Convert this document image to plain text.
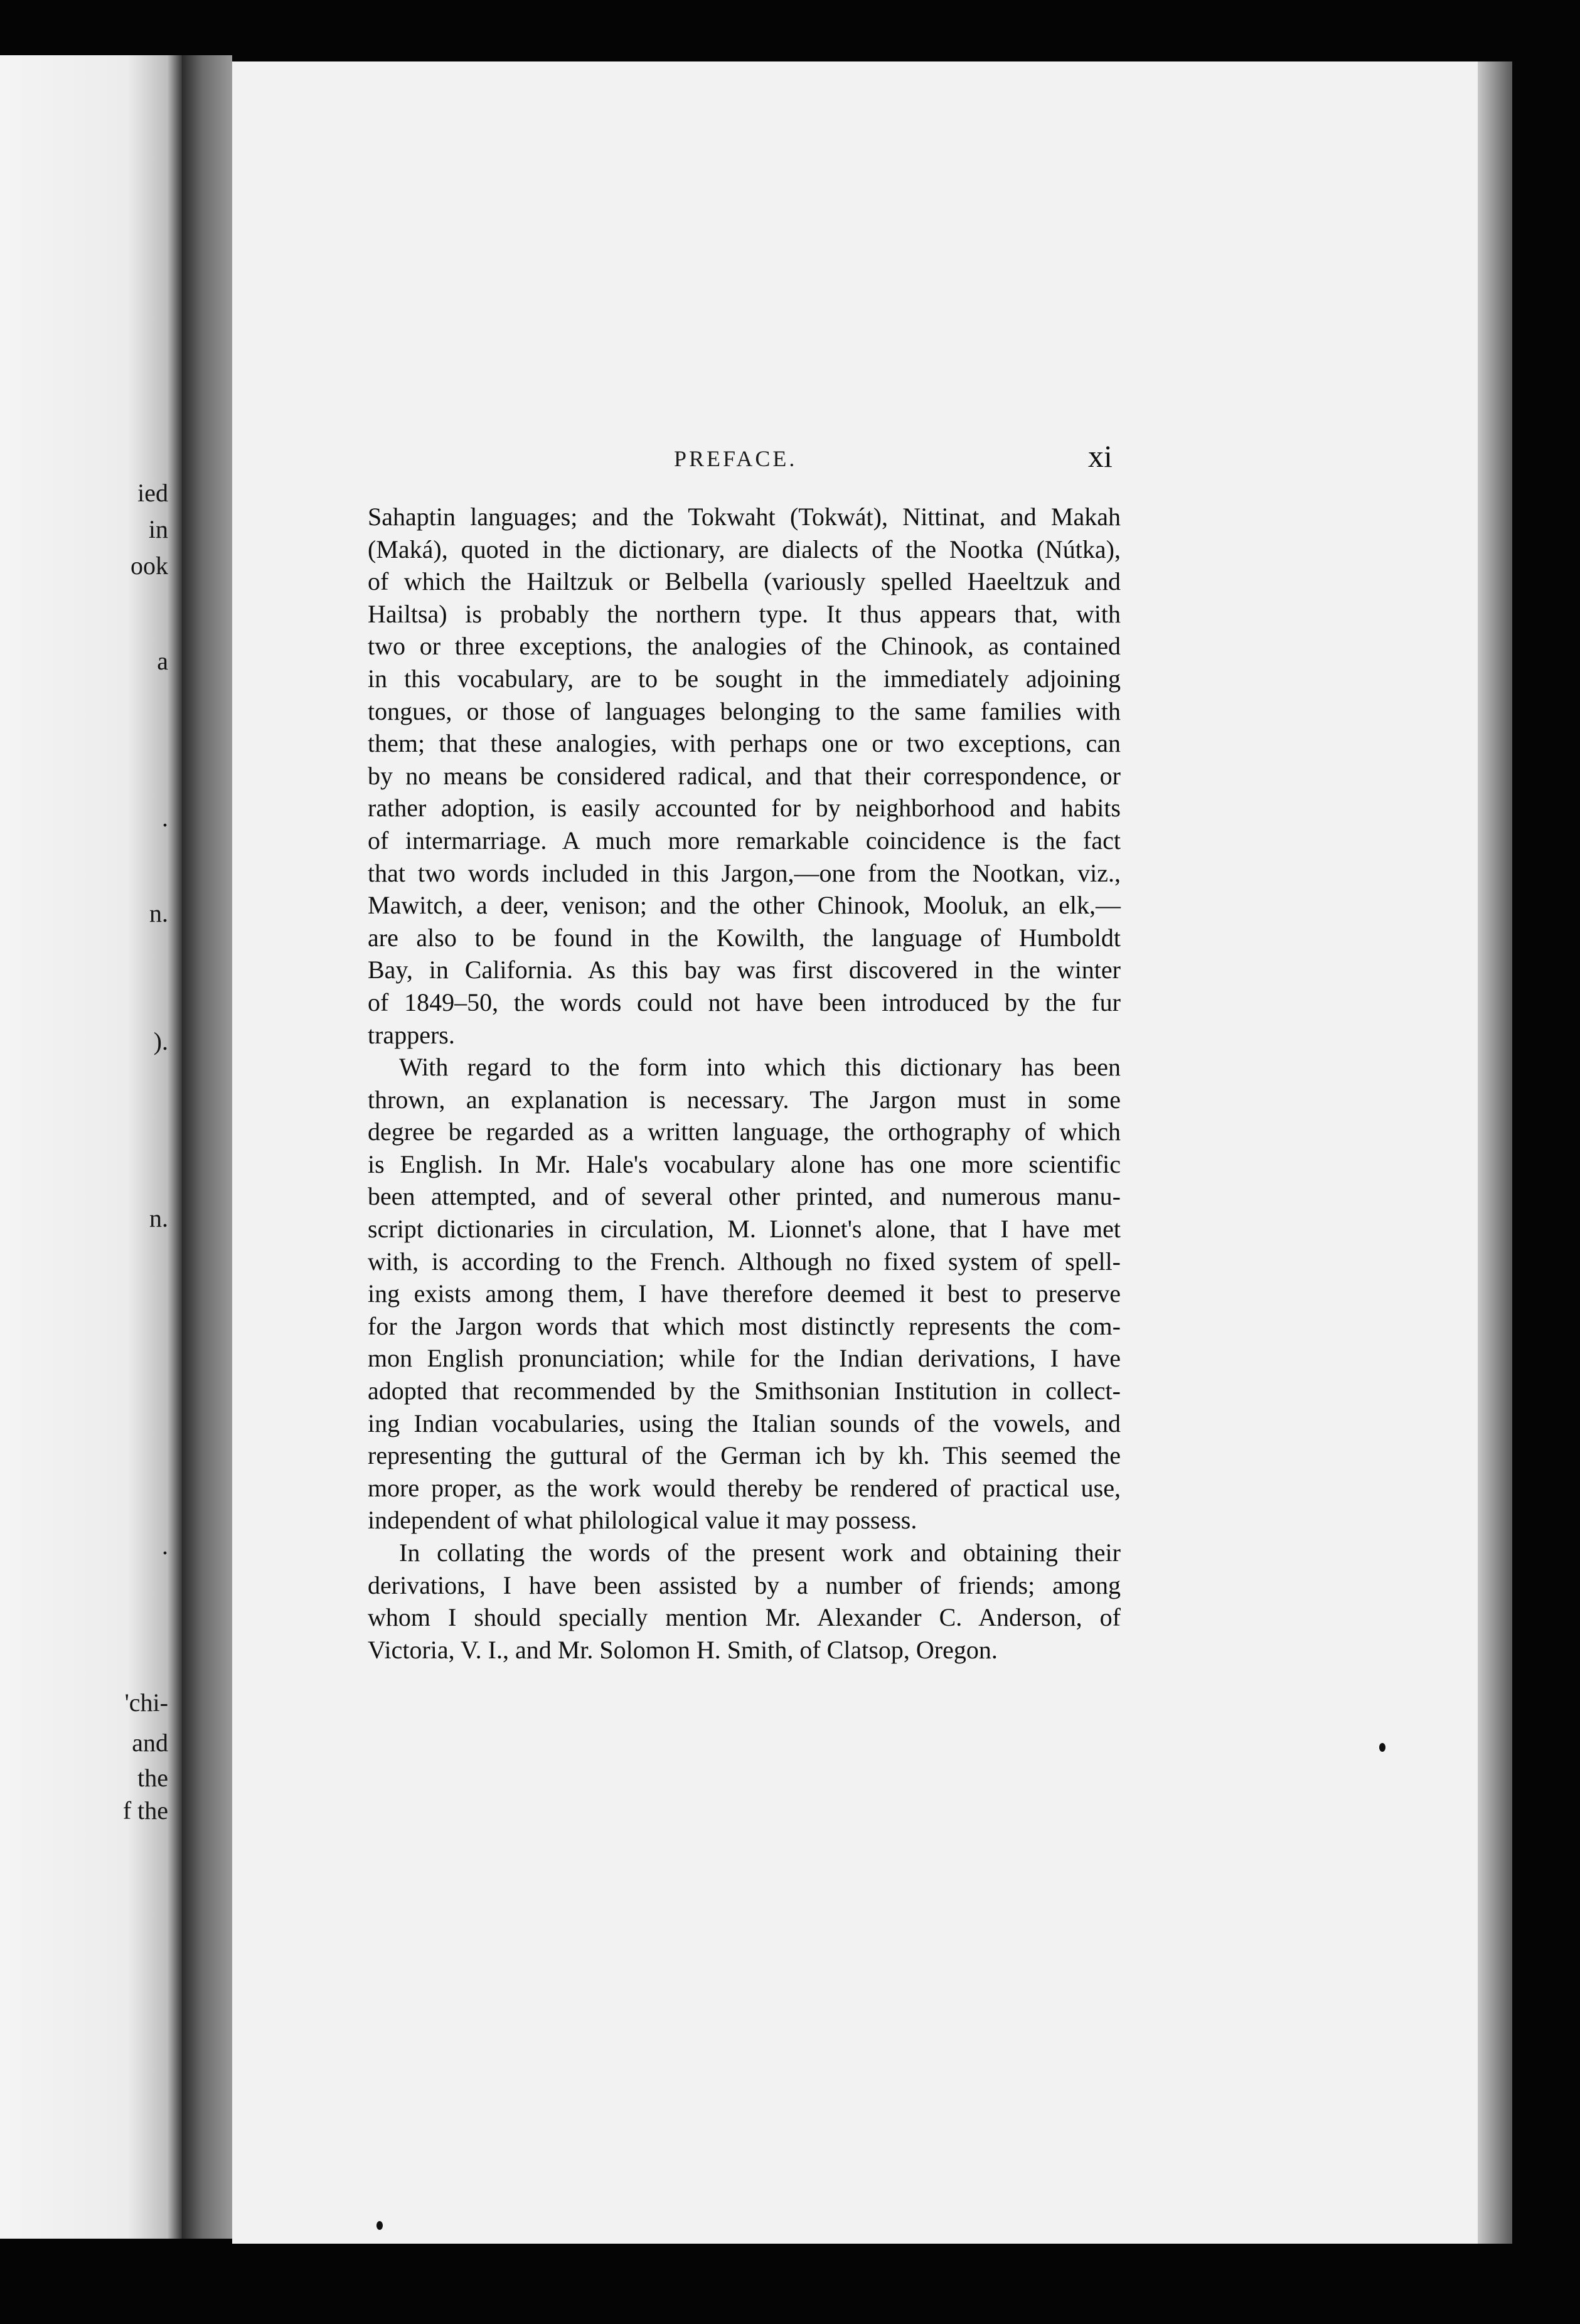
ied

in

ook

a

.

n.

).

n.

.

'chi-

and

the

f the

PREFACE.	xi

Sahaptin languages; and the Tokwaht (Tokwát), Nittinat, and Makah

(Maká), quoted in the dictionary, are dialects of the Nootka (Nútka),

of which the Hailtzuk or Belbella (variously spelled Haeeltzuk and

Hailtsa) is probably the northern type. It thus appears that, with

two or three exceptions, the analogies of the Chinook, as contained

in this vocabulary, are to be sought in the immediately adjoining

tongues, or those of languages belonging to the same families with

them; that these analogies, with perhaps one or two exceptions, can

by no means be considered radical, and that their correspondence, or

rather adoption, is easily accounted for by neighborhood and habits

of intermarriage. A much more remarkable coincidence is the fact

that two words included in this Jargon,—one from the Nootkan, viz.,

Mawitch, a deer, venison; and the other Chinook, Mooluk, an elk,—

are also to be found in the Kowilth, the language of Humboldt

Bay, in California. As this bay was first discovered in the winter

of 1849–50, the words could not have been introduced by the fur

trappers.

With regard to the form into which this dictionary has been

thrown, an explanation is necessary. The Jargon must in some

degree be regarded as a written language, the orthography of which

is English. In Mr. Hale's vocabulary alone has one more scientific

been attempted, and of several other printed, and numerous manu-

script dictionaries in circulation, M. Lionnet's alone, that I have met

with, is according to the French. Although no fixed system of spell-

ing exists among them, I have therefore deemed it best to preserve

for the Jargon words that which most distinctly represents the com-

mon English pronunciation; while for the Indian derivations, I have

adopted that recommended by the Smithsonian Institution in collect-

ing Indian vocabularies, using the Italian sounds of the vowels, and

representing the guttural of the German ich by kh. This seemed the

more proper, as the work would thereby be rendered of practical use,

independent of what philological value it may possess.

In collating the words of the present work and obtaining their

derivations, I have been assisted by a number of friends; among

whom I should specially mention Mr. Alexander C. Anderson, of

Victoria, V. I., and Mr. Solomon H. Smith, of Clatsop, Oregon.
